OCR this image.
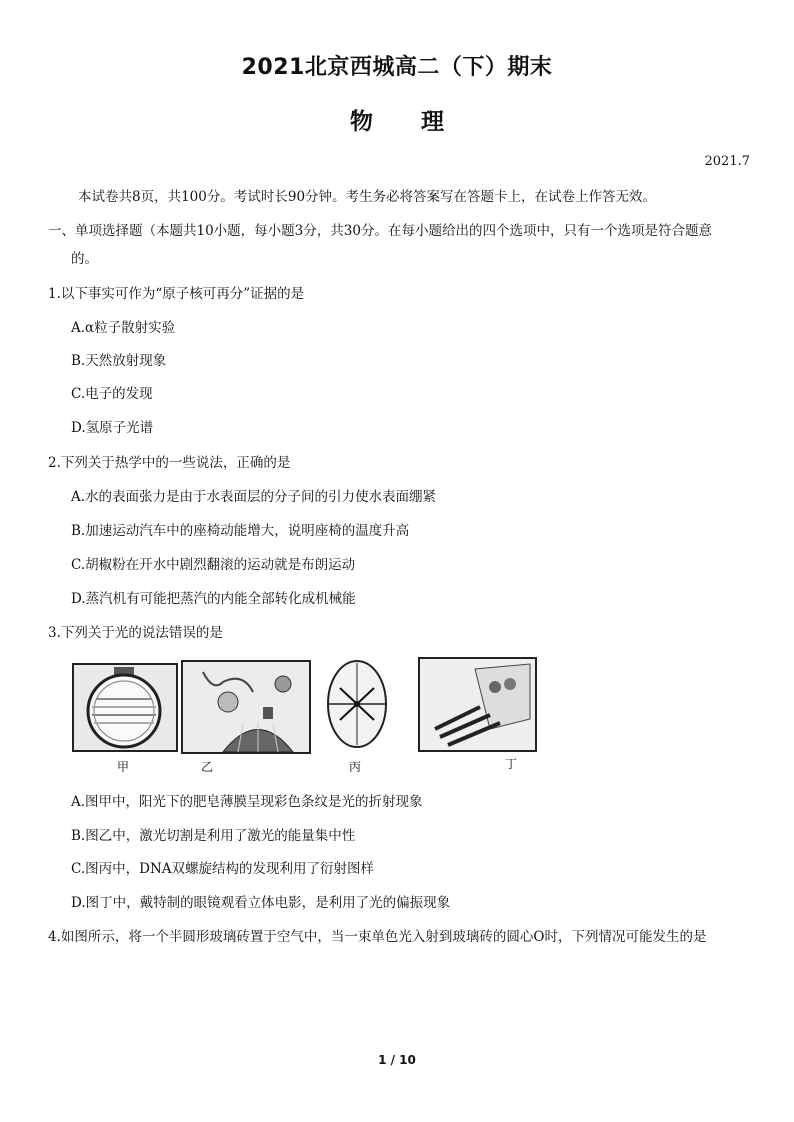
2021北京西城高二（下）期末
物 理
2021.7
本试卷共8页，共100分。考试时长90分钟。考生务必将答案写在答题卡上，在试卷上作答无效。
一、单项选择题（本题共10小题，每小题3分，共30分。在每小题给出的四个选项中，只有一个选项是符合题意
的。
1.以下事实可作为“原子核可再分”证据的是
A.α粒子散射实验
B.天然放射现象
C.电子的发现
D.氢原子光谱
2.下列关于热学中的一些说法，正确的是
A.水的表面张力是由于水表面层的分子间的引力使水表面绷紧
B.加速运动汽车中的座椅动能增大，说明座椅的温度升高
C.胡椒粉在开水中剧烈翻滚的运动就是布朗运动
D.蒸汽机有可能把蒸汽的内能全部转化成机械能
3.下列关于光的说法错误的是
甲	乙	丙	丁
A.图甲中，阳光下的肥皂薄膜呈现彩色条纹是光的折射现象
B.图乙中，激光切割是利用了激光的能量集中性
C.图丙中，DNA双螺旋结构的发现利用了衍射图样
D.图丁中，戴特制的眼镜观看立体电影，是利用了光的偏振现象
4.如图所示，将一个半圆形玻璃砖置于空气中，当一束单色光入射到玻璃砖的圆心O时，下列情况可能发生的是
1 / 10
